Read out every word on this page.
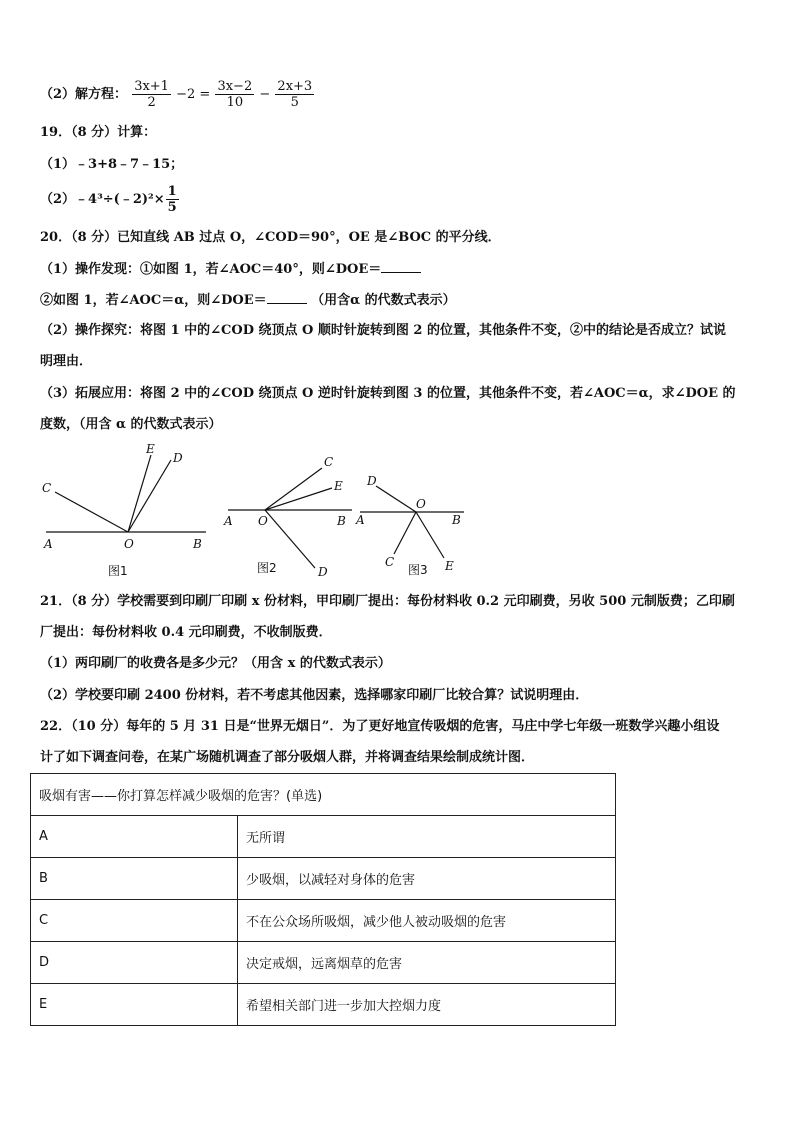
（2）解方程： $\frac{3x+1}{2} -2 = \frac{3x-2}{10} - \frac{2x+3}{5}$
19．（8 分）计算：
（1）﹣3+8﹣7﹣15；
（2）﹣4³÷(﹣2)²× $\frac{1}{5}$
20．（8 分）已知直线 AB 过点 O，∠COD＝90°，OE 是∠BOC 的平分线．
（1）操作发现：①如图 1，若∠AOC＝40°，则∠DOE＝
②如图 1，若∠AOC＝α，则∠DOE＝	（用含α 的代数式表示）
（2）操作探究：将图 1 中的∠COD 绕顶点 O 顺时针旋转到图 2 的位置，其他条件不变，②中的结论是否成立？试说
明理由．
（3）拓展应用：将图 2 中的∠COD 绕顶点 O 逆时针旋转到图 3 的位置，其他条件不变，若∠AOC＝α，求∠DOE 的
度数，（用含 α 的代数式表示）
C
E
D
A	O	B
图1
C
E
A O	B
D
图2
D
O
A	B
C	E
图3
21．（8 分）学校需要到印刷厂印刷 x 份材料，甲印刷厂提出：每份材料收 0.2 元印刷费，另收 500 元制版费；乙印刷
厂提出：每份材料收 0.4 元印刷费，不收制版费．
（1）两印刷厂的收费各是多少元？（用含 x 的代数式表示）
（2）学校要印刷 2400 份材料，若不考虑其他因素，选择哪家印刷厂比较合算？试说明理由．
22．（10 分）每年的 5 月 31 日是“世界无烟日”．为了更好地宣传吸烟的危害，马庄中学七年级一班数学兴趣小组设
计了如下调查问卷，在某广场随机调查了部分吸烟人群，并将调查结果绘制成统计图．
吸烟有害——你打算怎样减少吸烟的危害？(单选)	
A	无所谓
B	少吸烟，以减轻对身体的危害
C	不在公众场所吸烟，减少他人被动吸烟的危害
D	决定戒烟，远离烟草的危害
E	希望相关部门进一步加大控烟力度
